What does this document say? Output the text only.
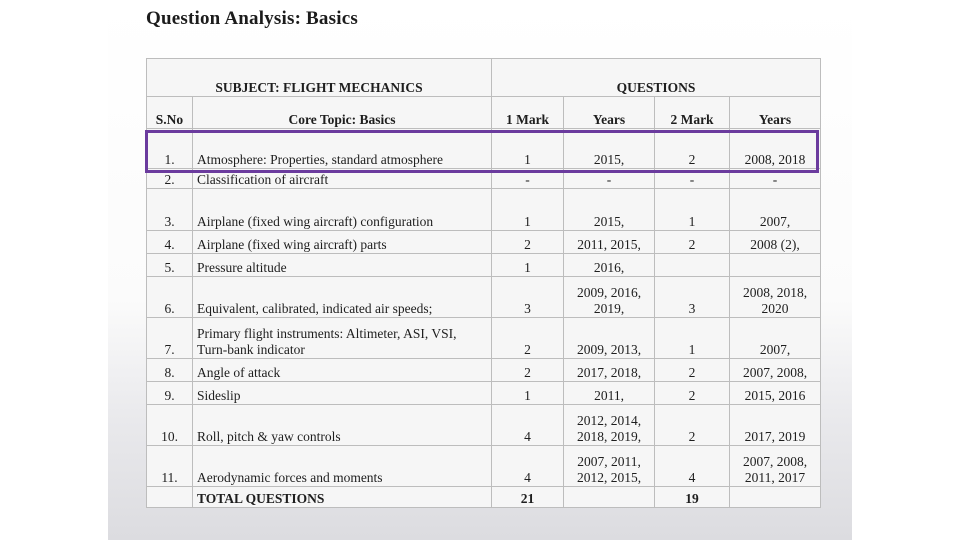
Question Analysis: Basics
SUBJECT: FLIGHT MECHANICS		QUESTIONS			
S.No	Core Topic: Basics	1 Mark	Years	2 Mark	Years
1.	Atmosphere: Properties, standard atmosphere	1	2015,	2	2008, 2018
2.	Classification of aircraft	-	-	-	-
3.	Airplane (fixed wing aircraft) configuration	1	2015,	1	2007,
4.	Airplane (fixed wing aircraft) parts	2	2011, 2015,	2	2008 (2),
5.	Pressure altitude	1	2016,		
6.	Equivalent, calibrated, indicated air speeds;	3	2009, 2016, 2019,	3	2008, 2018, 2020
7.	Primary flight instruments: Altimeter, ASI, VSI, Turn-bank indicator	2	2009, 2013,	1	2007,
8.	Angle of attack	2	2017, 2018,	2	2007, 2008,
9.	Sideslip	1	2011,	2	2015, 2016
10.	Roll, pitch & yaw controls	4	2012, 2014, 2018, 2019,	2	2017, 2019
11.	Aerodynamic forces and moments	4	2007, 2011, 2012, 2015,	4	2007, 2008, 2011, 2017
	TOTAL QUESTIONS	21		19	
